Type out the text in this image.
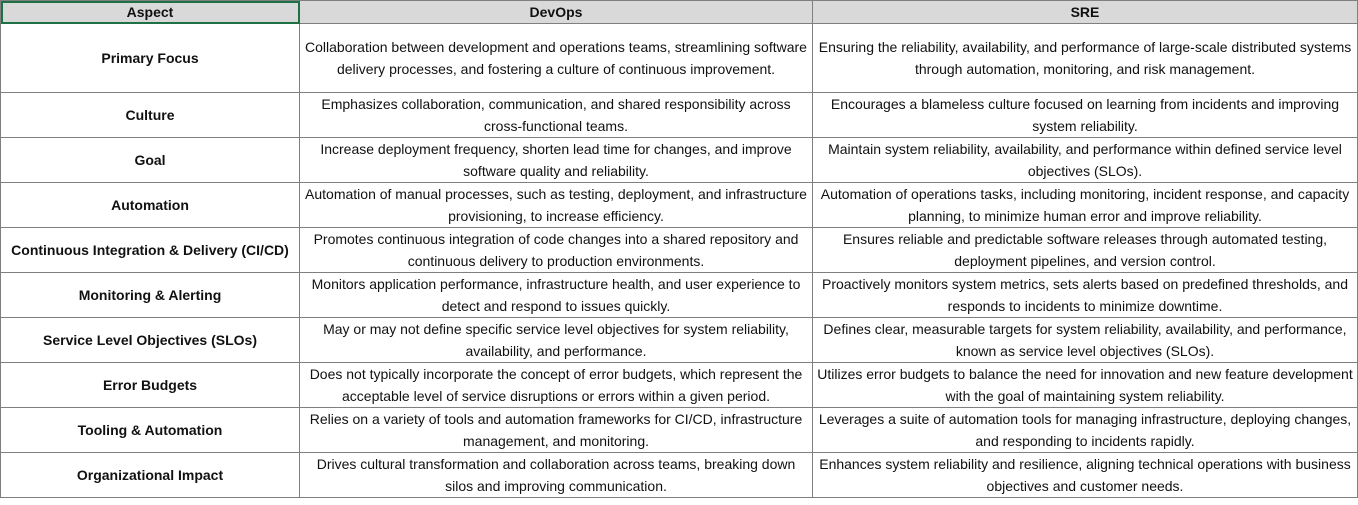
Aspect	DevOps	SRE
Primary Focus	Collaboration between development and operations teams, streamlining software delivery processes, and fostering a culture of continuous improvement.	Ensuring the reliability, availability, and performance of large-scale distributed systems through automation, monitoring, and risk management.
Culture	Emphasizes collaboration, communication, and shared responsibility across cross-functional teams.	Encourages a blameless culture focused on learning from incidents and improving system reliability.
Goal	Increase deployment frequency, shorten lead time for changes, and improve software quality and reliability.	Maintain system reliability, availability, and performance within defined service level objectives (SLOs).
Automation	Automation of manual processes, such as testing, deployment, and infrastructure provisioning, to increase efficiency.	Automation of operations tasks, including monitoring, incident response, and capacity planning, to minimize human error and improve reliability.
Continuous Integration & Delivery (CI/CD)	Promotes continuous integration of code changes into a shared repository and continuous delivery to production environments.	Ensures reliable and predictable software releases through automated testing, deployment pipelines, and version control.
Monitoring & Alerting	Monitors application performance, infrastructure health, and user experience to detect and respond to issues quickly.	Proactively monitors system metrics, sets alerts based on predefined thresholds, and responds to incidents to minimize downtime.
Service Level Objectives (SLOs)	May or may not define specific service level objectives for system reliability, availability, and performance.	Defines clear, measurable targets for system reliability, availability, and performance, known as service level objectives (SLOs).
Error Budgets	Does not typically incorporate the concept of error budgets, which represent the acceptable level of service disruptions or errors within a given period.	Utilizes error budgets to balance the need for innovation and new feature development with the goal of maintaining system reliability.
Tooling & Automation	Relies on a variety of tools and automation frameworks for CI/CD, infrastructure management, and monitoring.	Leverages a suite of automation tools for managing infrastructure, deploying changes, and responding to incidents rapidly.
Organizational Impact	Drives cultural transformation and collaboration across teams, breaking down silos and improving communication.	Enhances system reliability and resilience, aligning technical operations with business objectives and customer needs.
